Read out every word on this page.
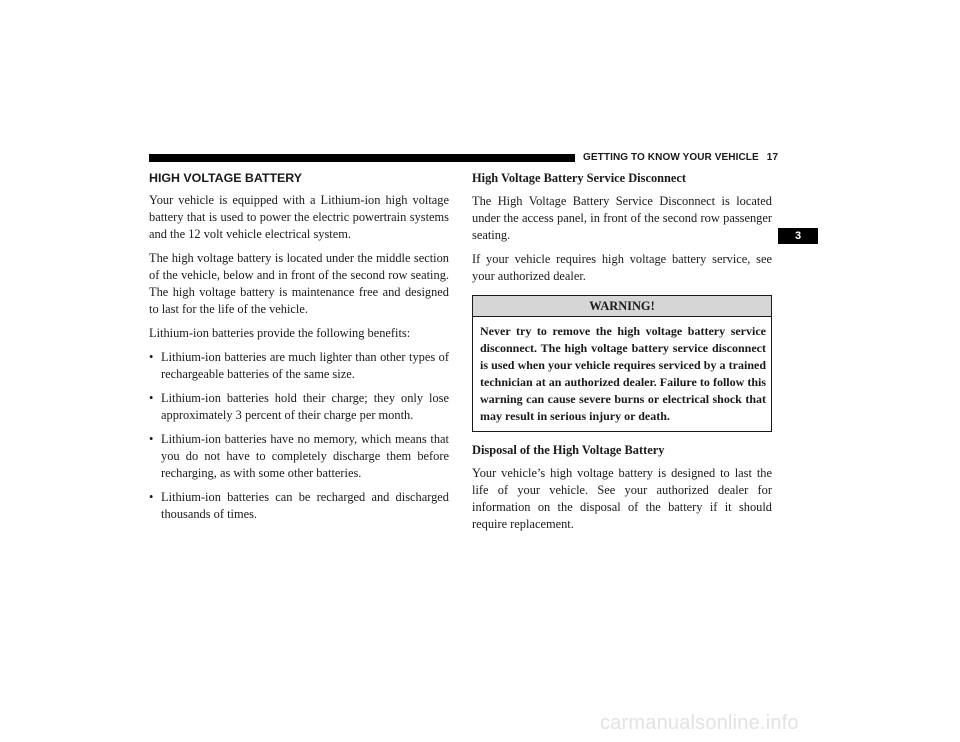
GETTING TO KNOW YOUR VEHICLE 17
3
HIGH VOLTAGE BATTERY

Your vehicle is equipped with a Lithium-ion high voltage battery that is used to power the electric powertrain systems and the 12 volt vehicle electrical system.

The high voltage battery is located under the middle section of the vehicle, below and in front of the second row seating. The high voltage battery is maintenance free and designed to last for the life of the vehicle.

Lithium-ion batteries provide the following benefits:

• Lithium-ion batteries are much lighter than other types of rechargeable batteries of the same size.
• Lithium-ion batteries hold their charge; they only lose approximately 3 percent of their charge per month.
• Lithium-ion batteries have no memory, which means that you do not have to completely discharge them before recharging, as with some other batteries.
• Lithium-ion batteries can be recharged and discharged thousands of times.
High Voltage Battery Service Disconnect

The High Voltage Battery Service Disconnect is located under the access panel, in front of the second row passenger seating.

If your vehicle requires high voltage battery service, see your authorized dealer.

WARNING!
Never try to remove the high voltage battery service disconnect. The high voltage battery service disconnect is used when your vehicle requires serviced by a trained technician at an authorized dealer. Failure to follow this warning can cause severe burns or electrical shock that may result in serious injury or death.
Disposal of the High Voltage Battery

Your vehicle’s high voltage battery is designed to last the life of your vehicle. See your authorized dealer for information on the disposal of the battery if it should require replacement.

carmanualsonline.info
